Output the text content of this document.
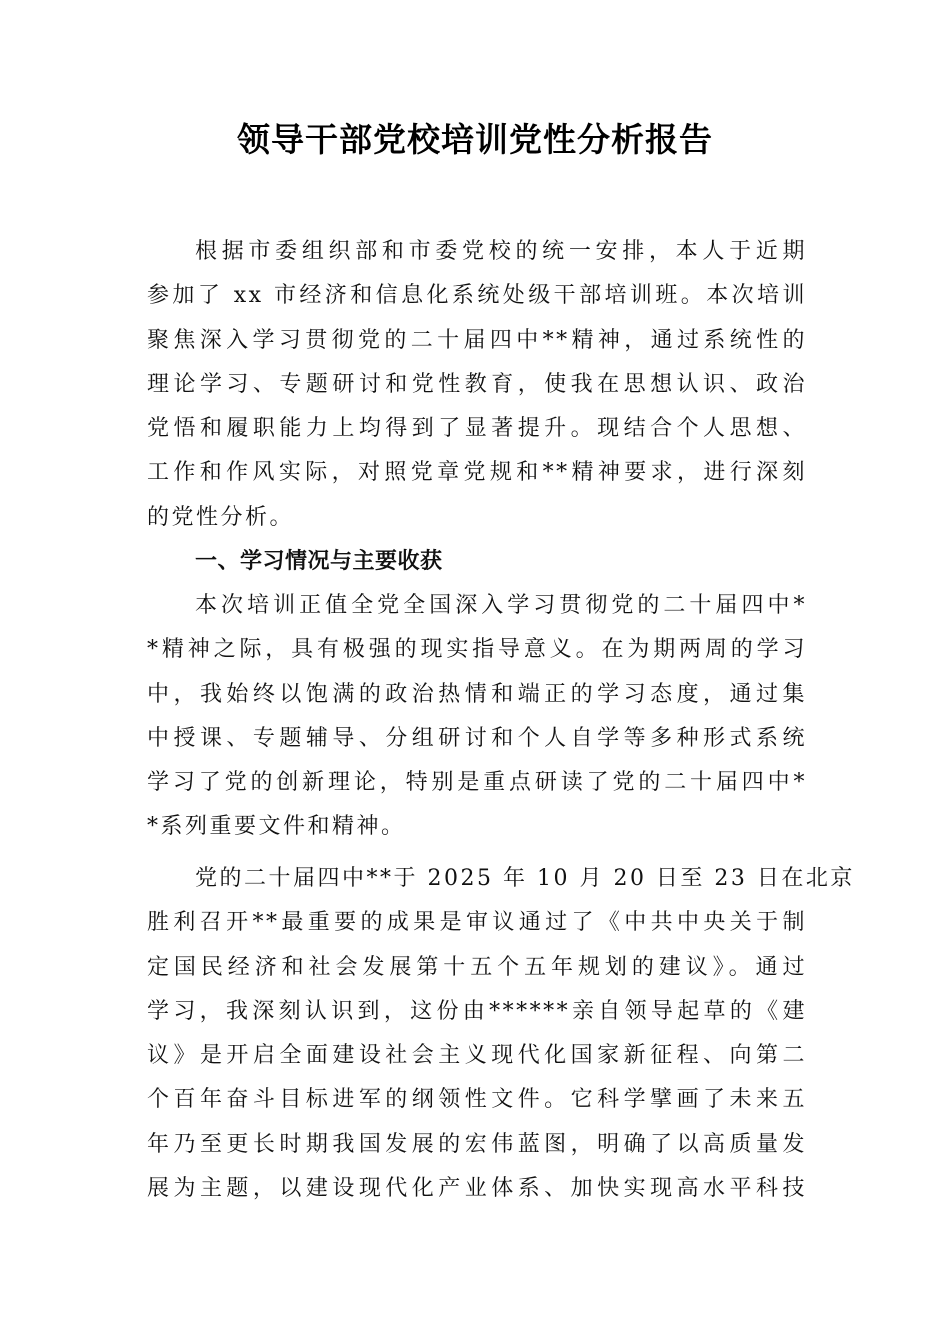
领导干部党校培训党性分析报告
根据市委组织部和市委党校的统一安排，本人于近期
参加了 xx 市经济和信息化系统处级干部培训班。本次培训
聚焦深入学习贯彻党的二十届四中**精神，通过系统性的
理论学习、专题研讨和党性教育，使我在思想认识、政治
党悟和履职能力上均得到了显著提升。现结合个人思想、
工作和作风实际，对照党章党规和**精神要求，进行深刻
的党性分析。
一、学习情况与主要收获
本次培训正值全党全国深入学习贯彻党的二十届四中*
*精神之际，具有极强的现实指导意义。在为期两周的学习
中，我始终以饱满的政治热情和端正的学习态度，通过集
中授课、专题辅导、分组研讨和个人自学等多种形式系统
学习了党的创新理论，特别是重点研读了党的二十届四中*
*系列重要文件和精神。
党的二十届四中**于 2025 年 10 月 20 日至 23 日在北京
胜利召开**最重要的成果是审议通过了《中共中央关于制
定国民经济和社会发展第十五个五年规划的建议》。通过
学习，我深刻认识到，这份由******亲自领导起草的《建
议》是开启全面建设社会主义现代化国家新征程、向第二
个百年奋斗目标进军的纲领性文件。它科学擘画了未来五
年乃至更长时期我国发展的宏伟蓝图，明确了以高质量发
展为主题，以建设现代化产业体系、加快实现高水平科技
